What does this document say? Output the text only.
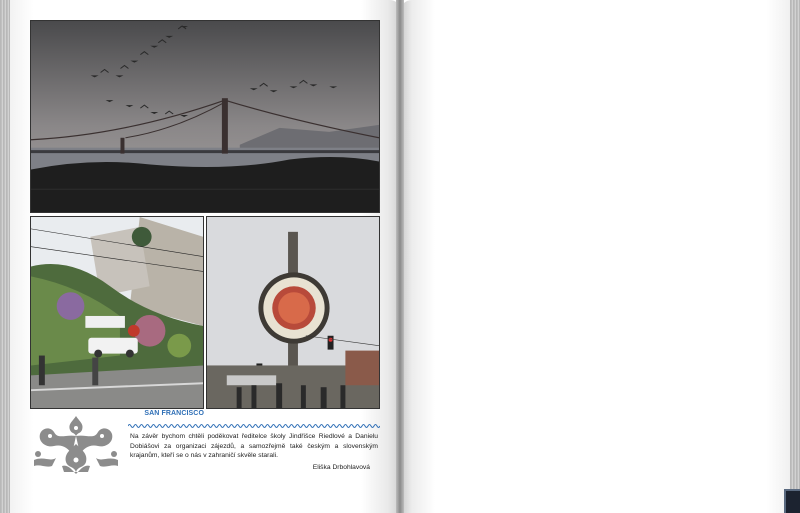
SAN FRANCISCO
Na závěr bychom chtěli poděkovat ředitelce školy Jindřišce Riedlové a Danielu Dobiášovi za organizaci zájezdů, a samozřejmě také českým a slovenským krajanům, kteří se o nás v zahraničí skvěle starali.
Eliška Drbohlavová
